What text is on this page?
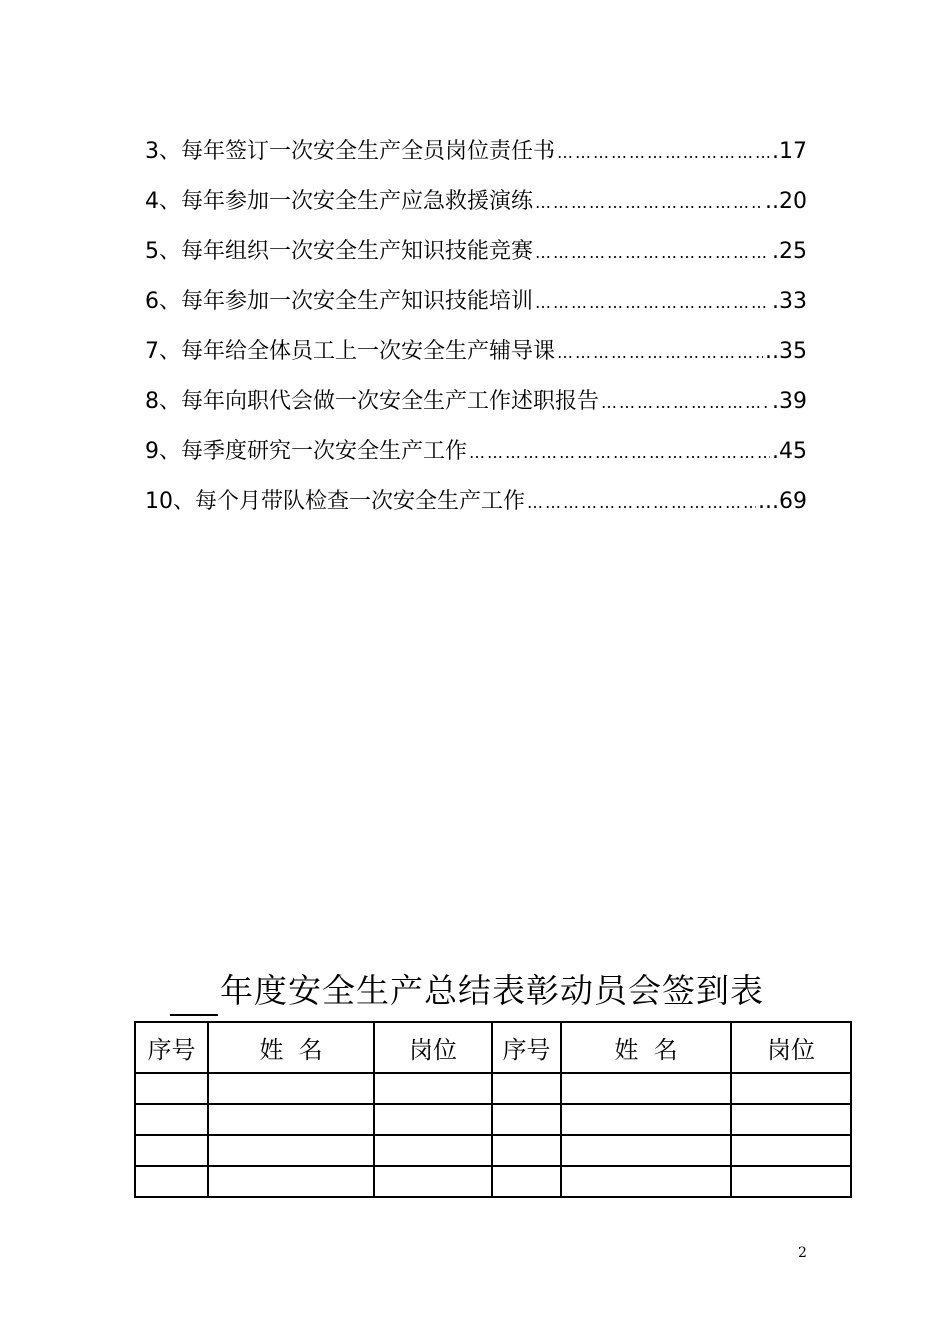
3、每年签订一次安全生产全员岗位责任书 …………………………………………………………………………	.17
4、每年参加一次安全生产应急救援演练 …………………………………………………………………………	..20
5、每年组织一次安全生产知识技能竞赛 …………………………………………………………………………	.25
6、每年参加一次安全生产知识技能培训 …………………………………………………………………………	.33
7、每年给全体员工上一次安全生产辅导课 …………………………………………………………………………	..35
8、每年向职代会做一次安全生产工作述职报告 …………………………………………………………………………	.39
9、每季度研究一次安全生产工作 …………………………………………………………………………	.45
10、每个月带队检查一次安全生产工作 …………………………………………………………………………	...69
年度安全生产总结表彰动员会签到表
序号	姓  名	岗位	序号	姓  名	岗位

2
